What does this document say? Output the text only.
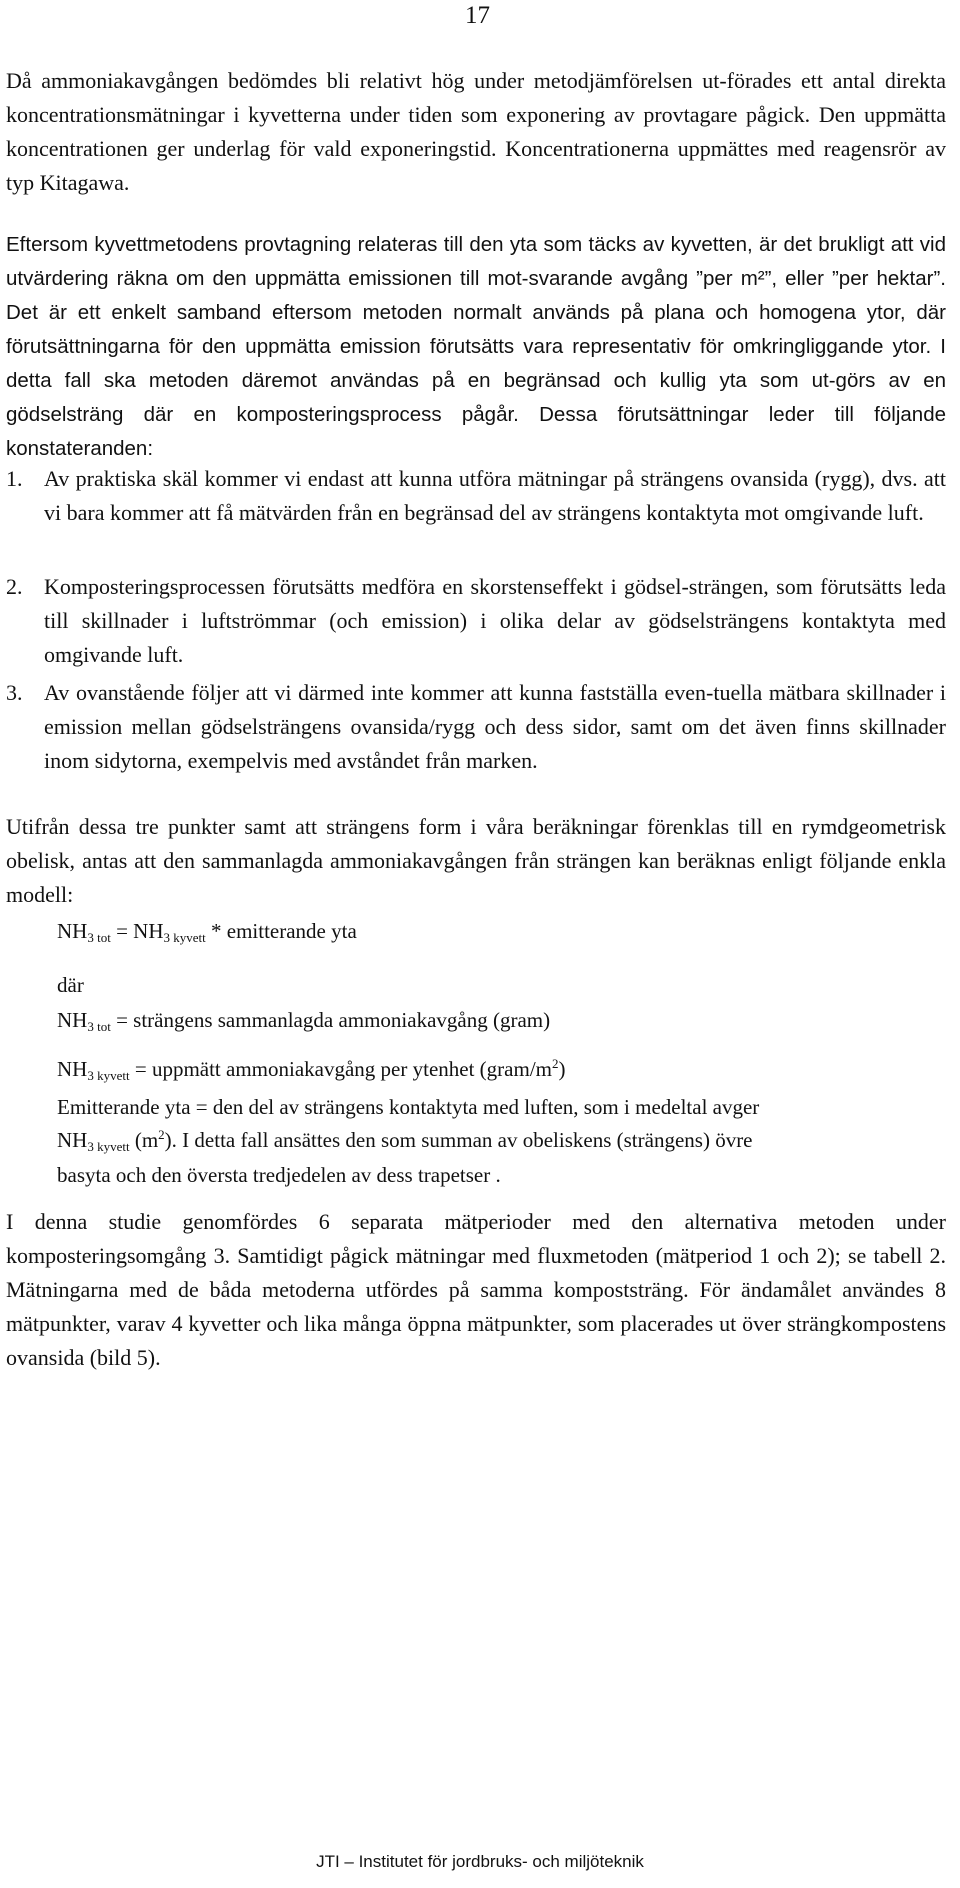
17

Då ammoniakavgången bedömdes bli relativt hög under metodjämförelsen ut-förades ett antal direkta koncentrationsmätningar i kyvetterna under tiden som exponering av provtagare pågick. Den uppmätta koncentrationen ger underlag för vald exponeringstid. Koncentrationerna uppmättes med reagensrör av typ Kitagawa.

Eftersom kyvettmetodens provtagning relateras till den yta som täcks av kyvetten, är det brukligt att vid utvärdering räkna om den uppmätta emissionen till mot-svarande avgång ”per m²”, eller ”per hektar”. Det är ett enkelt samband eftersom metoden normalt används på plana och homogena ytor, där förutsättningarna för den uppmätta emission förutsätts vara representativ för omkringliggande ytor. I detta fall ska metoden däremot användas på en begränsad och kullig yta som ut-görs av en gödselsträng där en komposteringsprocess pågår. Dessa förutsättningar leder till följande konstateranden:

1. Av praktiska skäl kommer vi endast att kunna utföra mätningar på strängens ovansida (rygg), dvs. att vi bara kommer att få mätvärden från en begränsad del av strängens kontaktyta mot omgivande luft.
2. Komposteringsprocessen förutsätts medföra en skorstenseffekt i gödsel-strängen, som förutsätts leda till skillnader i luftströmmar (och emission) i olika delar av gödselsträngens kontaktyta med omgivande luft.
3. Av ovanstående följer att vi därmed inte kommer att kunna fastställa even-tuella mätbara skillnader i emission mellan gödselsträngens ovansida/rygg och dess sidor, samt om det även finns skillnader inom sidytorna, exempelvis med avståndet från marken.

Utifrån dessa tre punkter samt att strängens form i våra beräkningar förenklas till en rymdgeometrisk obelisk, antas att den sammanlagda ammoniakavgången från strängen kan beräknas enligt följande enkla modell:

$NH_{3 tot} = NH_{3 kyvett}$ * emitterande yta
där
$NH_{3 tot}$ = strängens sammanlagda ammoniakavgång (gram)
$NH_{3 kyvett}$ = uppmätt ammoniakavgång per ytenhet $(gram/m^2)$
Emitterande yta = den del av strängens kontaktyta med luften, som i medeltal avger
$NH_{3 kyvett}$ $(m^2)$. I detta fall ansättes den som summan av obeliskens (strängens) övre
basyta och den översta tredjedelen av dess trapetser .

I denna studie genomfördes 6 separata mätperioder med den alternativa metoden under komposteringsomgång 3. Samtidigt pågick mätningar med fluxmetoden (mätperiod 1 och 2); se tabell 2. Mätningarna med de båda metoderna utfördes på samma kompoststräng. För ändamålet användes 8 mätpunkter, varav 4 kyvetter och lika många öppna mätpunkter, som placerades ut över strängkompostens ovansida (bild 5).

JTI – Institutet för jordbruks- och miljöteknik
